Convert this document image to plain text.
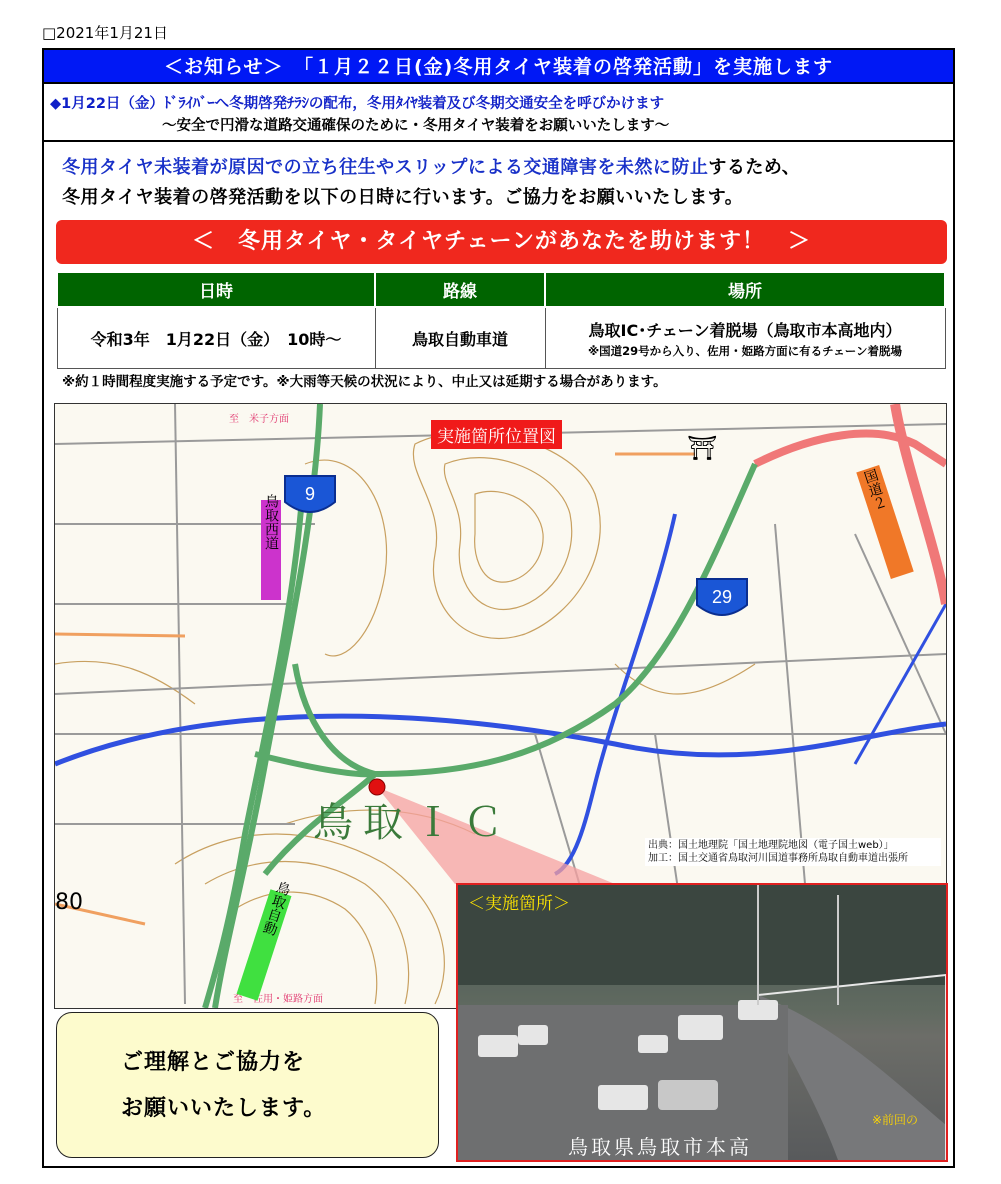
□2021年1月21日
＜お知らせ＞　「１月２２日(金)冬用タイヤ装着の啓発活動」を実施します
◆1月22日（金）ﾄﾞﾗｲﾊﾞｰへ冬期啓発ﾁﾗｼの配布，冬用ﾀｲﾔ装着及び冬期交通安全を呼びかけます
～安全で円滑な道路交通確保のために・冬用タイヤ装着をお願いいたします～
冬用タイヤ未装着が原因での立ち往生やスリップによる交通障害を未然に防止するため、
冬用タイヤ装着の啓発活動を以下の日時に行います。ご協力をお願いいたします。
＜　冬用タイヤ・タイヤチェーンがあなたを助けます！　＞
日時	路線	場所
令和3年　1月22日（金）　10時～	鳥取自動車道	鳥取IC･チェーン着脱場（鳥取市本高地内）
※国道29号から入り、佐用・姫路方面に有るチェーン着脱場
※約１時間程度実施する予定です。※大雨等天候の状況により、中止又は延期する場合があります。
9
29
鳥取ＩＣ
至　米子方面
至　佐用・姫路方面
80
鳥取西道
鳥取自動
国道２
⛩
実施箇所位置図
出典：国土地理院「国土地理院地図（電子国土web）」
加工：国土交通省鳥取河川国道事務所鳥取自動車道出張所
＜実施箇所＞
※前回の
鳥取県鳥取市本高
ご理解とご協力を
お願いいたします。
